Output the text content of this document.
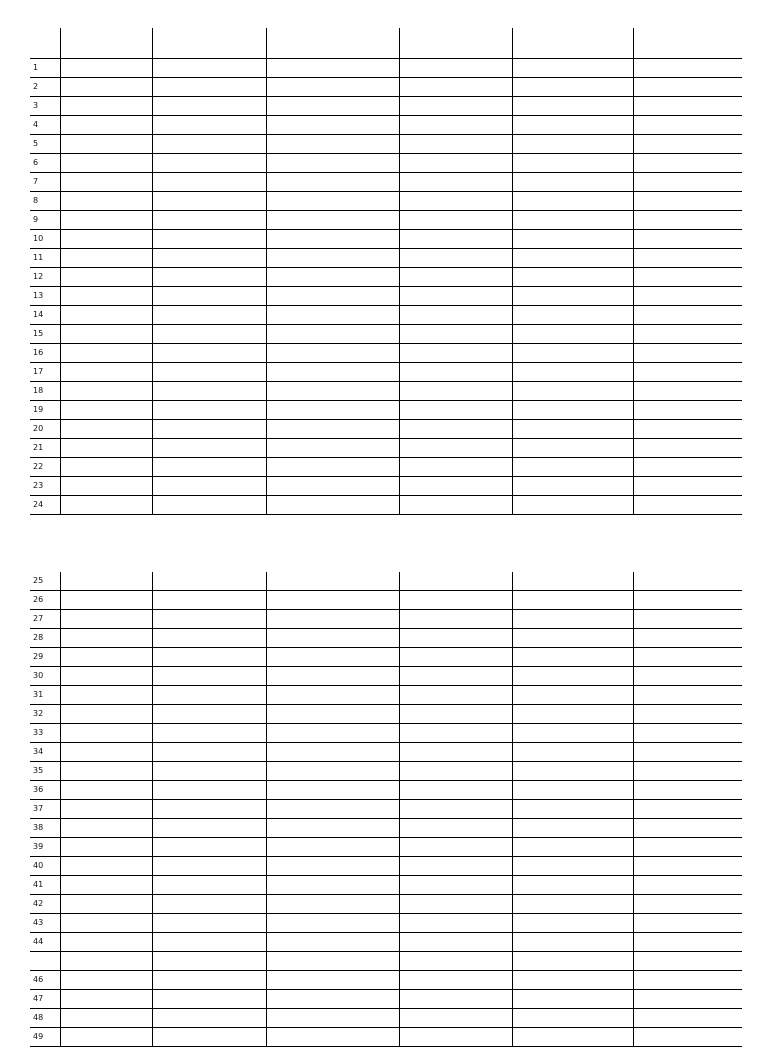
1						
2						
3						
4						
5						
6						
7						
8						
9						
10						
11						
12						
13						
14						
15						
16						
17						
18						
19						
20						
21						
22						
23						
24						
25						
26						
27						
28						
29						
30						
31						
32						
33						
34						
35						
36						
37						
38						
39						
40						
41						
42						
43						
44						

46						
47						
48						
49						
